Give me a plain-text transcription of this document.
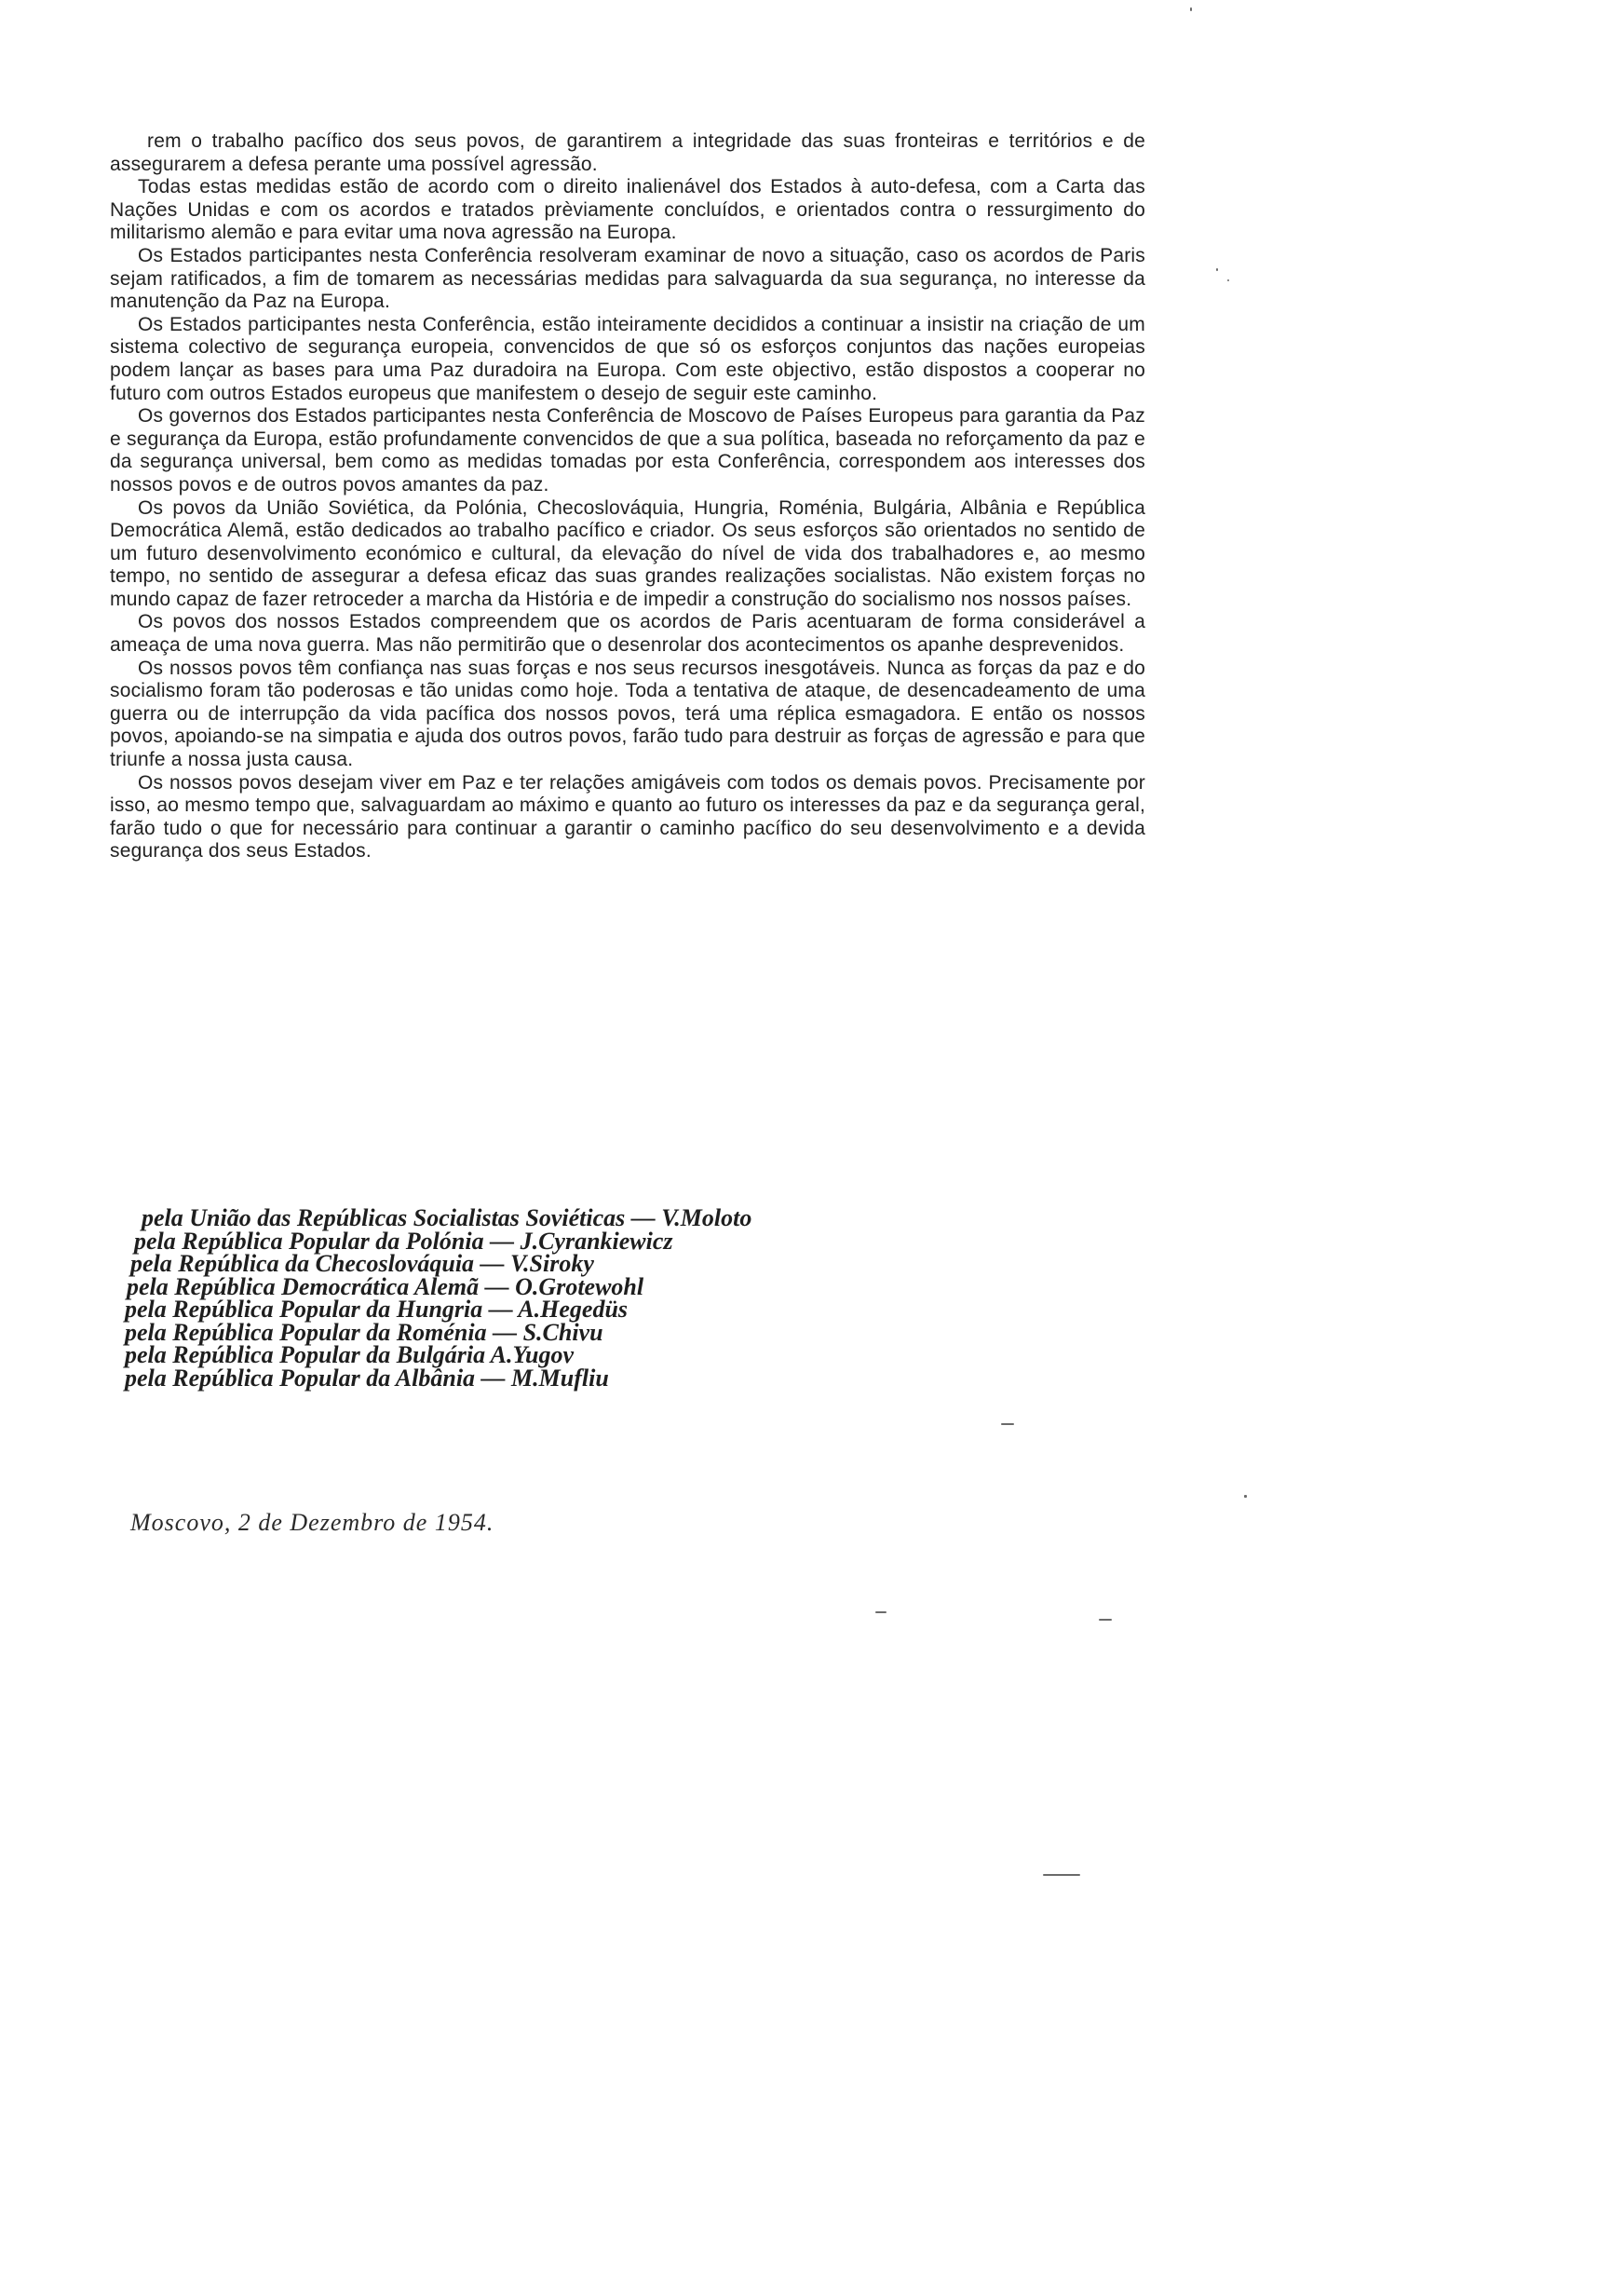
rem o trabalho pacífico dos seus povos, de garantirem a integridade das suas fronteiras e territórios e de assegurarem a defesa perante uma possível agressão.

Todas estas medidas estão de acordo com o direito inalienável dos Estados à auto-defesa, com a Carta das Nações Unidas e com os acordos e tratados prèviamente concluídos, e orientados contra o ressurgimento do militarismo alemão e para evitar uma nova agressão na Europa.

Os Estados participantes nesta Conferência resolveram examinar de novo a situação, caso os acordos de Paris sejam ratificados, a fim de tomarem as necessárias medidas para salvaguarda da sua segurança, no interesse da manutenção da Paz na Europa.

Os Estados participantes nesta Conferência, estão inteiramente decididos a continuar a insistir na criação de um sistema colectivo de segurança europeia, convencidos de que só os esforços conjuntos das nações europeias podem lançar as bases para uma Paz duradoira na Europa. Com este objectivo, estão dispostos a cooperar no futuro com outros Estados europeus que manifestem o desejo de seguir este caminho.

Os governos dos Estados participantes nesta Conferência de Moscovo de Países Europeus para garantia da Paz e segurança da Europa, estão profundamente convencidos de que a sua política, baseada no reforçamento da paz e da segurança universal, bem como as medidas tomadas por esta Conferência, correspondem aos interesses dos nossos povos e de outros povos amantes da paz.

Os povos da União Soviética, da Polónia, Checoslováquia, Hungria, Roménia, Bulgária, Albânia e República Democrática Alemã, estão dedicados ao trabalho pacífico e criador. Os seus esforços são orientados no sentido de um futuro desenvolvimento económico e cultural, da elevação do nível de vida dos trabalhadores e, ao mesmo tempo, no sentido de assegurar a defesa eficaz das suas grandes realizações socialistas. Não existem forças no mundo capaz de fazer retroceder a marcha da História e de impedir a construção do socialismo nos nossos países.

Os povos dos nossos Estados compreendem que os acordos de Paris acentuaram de forma considerável a ameaça de uma nova guerra. Mas não permitirão que o desenrolar dos acontecimentos os apanhe desprevenidos.

Os nossos povos têm confiança nas suas forças e nos seus recursos inesgotáveis. Nunca as forças da paz e do socialismo foram tão poderosas e tão unidas como hoje. Toda a tentativa de ataque, de desencadeamento de uma guerra ou de interrupção da vida pacífica dos nossos povos, terá uma réplica esmagadora. E então os nossos povos, apoiando-se na simpatia e ajuda dos outros povos, farão tudo para destruir as forças de agressão e para que triunfe a nossa justa causa.

Os nossos povos desejam viver em Paz e ter relações amigáveis com todos os demais povos. Precisamente por isso, ao mesmo tempo que, salvaguardam ao máximo e quanto ao futuro os interesses da paz e da segurança geral, farão tudo o que for necessário para continuar a garantir o caminho pacífico do seu desenvolvimento e a devida segurança dos seus Estados.

pela União das Repúblicas Socialistas Soviéticas — V.Moloto
pela República Popular da Polónia — J.Cyrankiewicz
pela República da Checoslováquia — V.Siroky
pela República Democrática Alemã — O.Grotewohl
pela República Popular da Hungria — A.Hegedüs
pela República Popular da Roménia — S.Chivu
pela República Popular da Bulgária A.Yugov
pela República Popular da Albânia — M.Mufliu
Moscovo, 2 de Dezembro de 1954.
